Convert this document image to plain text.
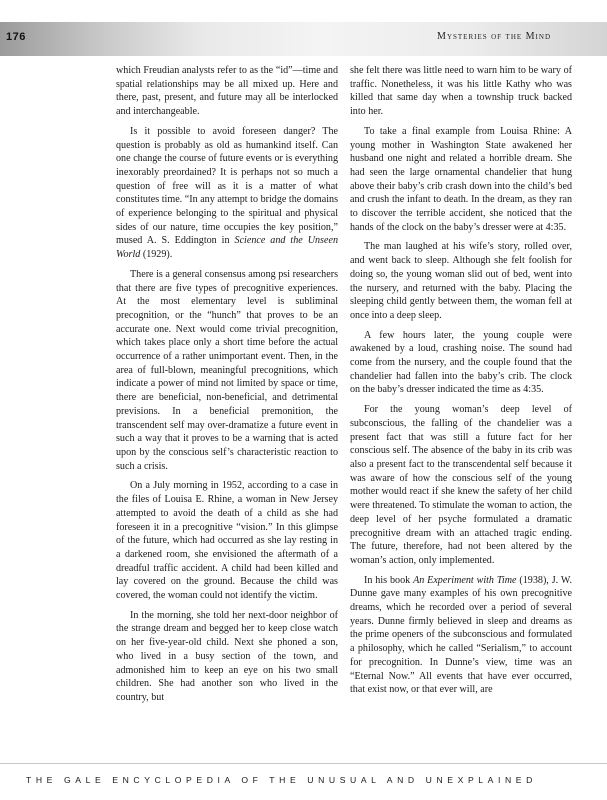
176	Mysteries of the Mind

which Freudian analysts refer to as the “id”—time and spatial relationships may be all mixed up. Here and there, past, present, and future may all be interlocked and interchangeable.

Is it possible to avoid foreseen danger? The question is probably as old as humankind itself. Can one change the course of future events or is everything inexorably preordained? It is perhaps not so much a question of free will as it is a matter of what constitutes time. “In any attempt to bridge the domains of experience belonging to the spiritual and physical sides of our nature, time occupies the key position,” mused A. S. Eddington in Science and the Unseen World (1929).

There is a general consensus among psi researchers that there are five types of precognitive experiences. At the most elementary level is subliminal precognition, or the “hunch” that proves to be an accurate one. Next would come trivial precognition, which takes place only a short time before the actual occurrence of a rather unimportant event. Then, in the area of full-blown, meaningful precognitions, which indicate a power of mind not limited by space or time, there are beneficial, non-beneficial, and detrimental previsions. In a beneficial premonition, the transcendent self may over-dramatize a future event in such a way that it proves to be a warning that is acted upon by the conscious self’s characteristic reaction to such a crisis.

On a July morning in 1952, according to a case in the files of Louisa E. Rhine, a woman in New Jersey attempted to avoid the death of a child as she had foreseen it in a precognitive “vision.” In this glimpse of the future, which had occurred as she lay resting in a darkened room, she envisioned the aftermath of a dreadful traffic accident. A child had been killed and lay covered on the ground. Because the child was covered, the woman could not identify the victim.

In the morning, she told her next-door neighbor of the strange dream and begged her to keep close watch on her five-year-old child. Next she phoned a son, who lived in a busy section of the town, and admonished him to keep an eye on his two small children. She had another son who lived in the country, but

she felt there was little need to warn him to be wary of traffic. Nonetheless, it was his little Kathy who was killed that same day when a township truck backed into her.

To take a final example from Louisa Rhine: A young mother in Washington State awakened her husband one night and related a horrible dream. She had seen the large ornamental chandelier that hung above their baby’s crib crash down into the child’s bed and crush the infant to death. In the dream, as they ran to discover the terrible accident, she noticed that the hands of the clock on the baby’s dresser were at 4:35.

The man laughed at his wife’s story, rolled over, and went back to sleep. Although she felt foolish for doing so, the young woman slid out of bed, went into the nursery, and returned with the baby. Placing the sleeping child gently between them, the woman fell at once into a deep sleep.

A few hours later, the young couple were awakened by a loud, crashing noise. The sound had come from the nursery, and the couple found that the chandelier had fallen into the baby’s crib. The clock on the baby’s dresser indicated the time as 4:35.

For the young woman’s deep level of subconscious, the falling of the chandelier was a present fact that was still a future fact for her conscious self. The absence of the baby in its crib was also a present fact to the transcendental self because it was aware of how the conscious self of the young mother would react if she knew the safety of her child were threatened. To stimulate the woman to action, the deep level of her psyche formulated a dramatic precognitive dream with an attached tragic ending. The future, therefore, had not been altered by the woman’s action, only implemented.

In his book An Experiment with Time (1938), J. W. Dunne gave many examples of his own precognitive dreams, which he recorded over a period of several years. Dunne firmly believed in sleep and dreams as the prime openers of the subconscious and formulated a philosophy, which he called “Serialism,” to account for precognition. In Dunne’s view, time was an “Eternal Now.” All events that have ever occurred, that exist now, or that ever will, are

THE GALE ENCYCLOPEDIA OF THE UNUSUAL AND UNEXPLAINED
